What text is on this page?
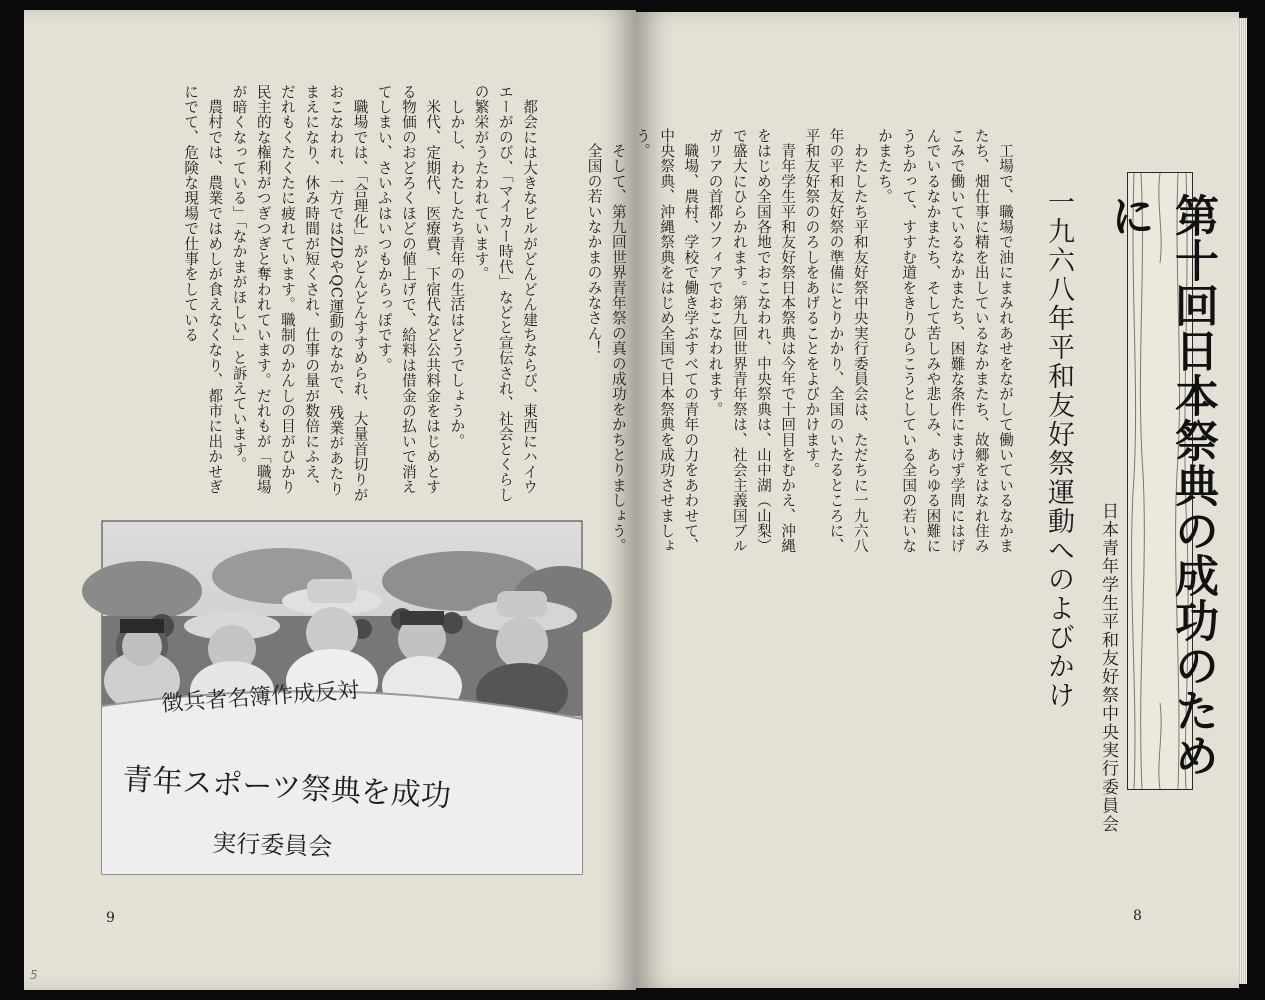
　都会には大きなビルがどんどん建ちならび、東西にハイウエーがのび、「マイカー時代」などと宣伝され、社会とくらしの繁栄がうたわれています。

　しかし、わたしたち青年の生活はどうでしょうか。

　米代、定期代、医療費、下宿代など公共料金をはじめとする物価のおどろくほどの値上げで、給料は借金の払いで消えてしまい、さいふはいつもからっぽです。

　職場では、「合理化」がどんどんすすめられ、大量首切りがおこなわれ、一方ではZDやQC運動のなかで、残業があたりまえになり、休み時間が短くされ、仕事の量が数倍にふえ、だれもくたくたに疲れています。職制のかんしの目がひかり民主的な権利がつぎつぎと奪われています。だれもが「職場が暗くなっている」「なかまがほしい」と訴えています。

　農村では、農業ではめしが食えなくなり、都市に出かせぎにでて、危険な現場で仕事をしている

徴兵者名簿作成反対
青年スポーツ祭典を成功
実行委員会
9
5

　工場で、職場で油にまみれあせをながして働いているなかまたち、畑仕事に精を出しているなかまたち、故郷をはなれ住みこみで働いているなかまたち、困難な条件にまけず学問にはげんでいるなかまたち、そして苦しみや悲しみ、あらゆる困難にうちかって、すすむ道をきりひらこうとしている全国の若いなかまたち。

　わたしたち平和友好祭中央実行委員会は、ただちに一九六八年の平和友好祭の準備にとりかかり、全国のいたるところに、平和友好祭ののろしをあげることをよびかけます。

　青年学生平和友好祭日本祭典は今年で十回目をむかえ、沖縄をはじめ全国各地でおこなわれ、中央祭典は、山中湖（山梨）で盛大にひらかれます。第九回世界青年祭は、社会主義国ブルガリアの首都ソフィアでおこなわれます。

　職場、農村、学校で働き学ぶすべての青年の力をあわせて、中央祭典、沖縄祭典をはじめ全国で日本祭典を成功させましょう。

　そして、第九回世界青年祭の真の成功をかちとりましょう。

　全国の若いなかまのみなさん！	一九六八年平和友好祭運動へのよびかけ 日本青年学生平和友好祭中央実行委員会	第十回日本祭典の成功のために
8
